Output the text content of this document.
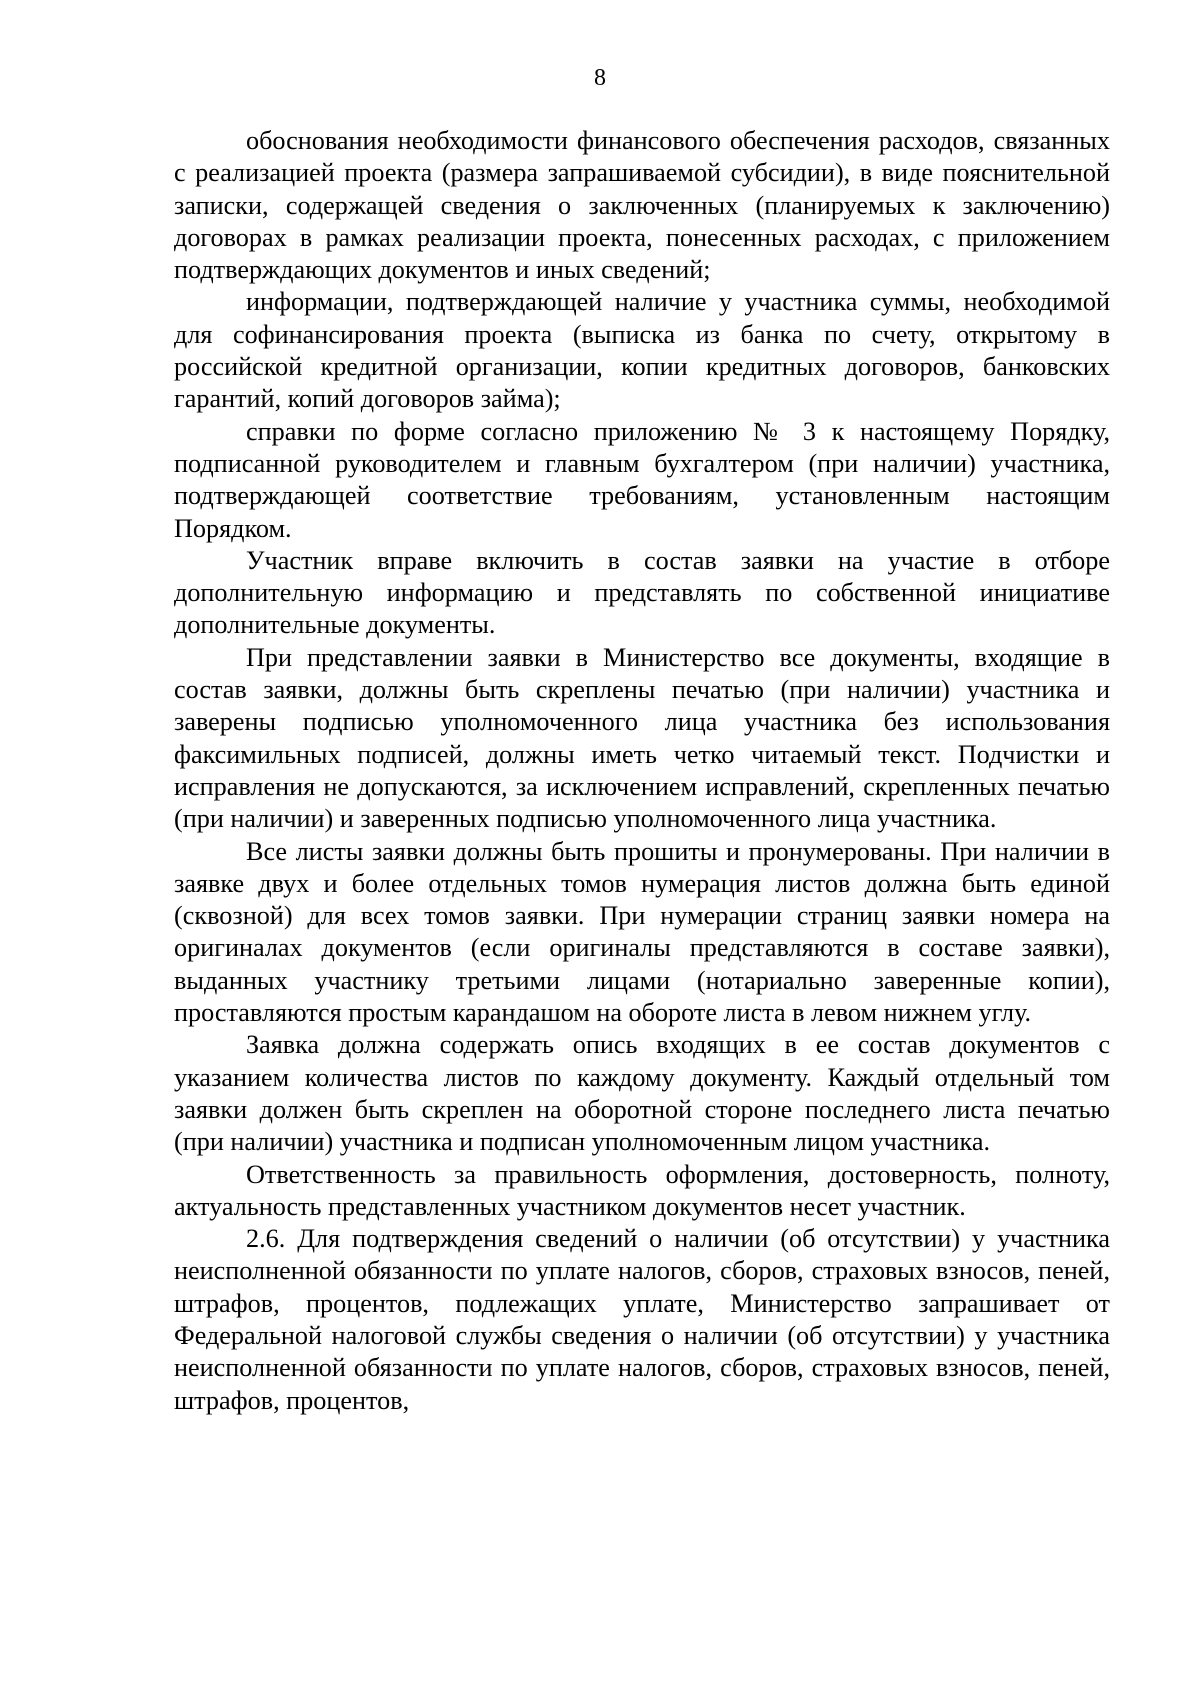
8

обоснования необходимости финансового обеспечения расходов, связанных с реализацией проекта (размера запрашиваемой субсидии), в виде пояснительной записки, содержащей сведения о заключенных (планируемых к заключению) договорах в рамках реализации проекта, понесенных расходах, с приложением подтверждающих документов и иных сведений;

информации, подтверждающей наличие у участника суммы, необходимой для софинансирования проекта (выписка из банка по счету, открытому в российской кредитной организации, копии кредитных договоров, банковских гарантий, копий договоров займа);

справки по форме согласно приложению № 3 к настоящему Порядку, подписанной руководителем и главным бухгалтером (при наличии) участника, подтверждающей соответствие требованиям, установленным настоящим Порядком.

Участник вправе включить в состав заявки на участие в отборе дополнительную информацию и представлять по собственной инициативе дополнительные документы.

При представлении заявки в Министерство все документы, входящие в состав заявки, должны быть скреплены печатью (при наличии) участника и заверены подписью уполномоченного лица участника без использования факсимильных подписей, должны иметь четко читаемый текст. Подчистки и исправления не допускаются, за исключением исправлений, скрепленных печатью (при наличии) и заверенных подписью уполномоченного лица участника.

Все листы заявки должны быть прошиты и пронумерованы. При наличии в заявке двух и более отдельных томов нумерация листов должна быть единой (сквозной) для всех томов заявки. При нумерации страниц заявки номера на оригиналах документов (если оригиналы представляются в составе заявки), выданных участнику третьими лицами (нотариально заверенные копии), проставляются простым карандашом на обороте листа в левом нижнем углу.

Заявка должна содержать опись входящих в ее состав документов с указанием количества листов по каждому документу. Каждый отдельный том заявки должен быть скреплен на оборотной стороне последнего листа печатью (при наличии) участника и подписан уполномоченным лицом участника.

Ответственность за правильность оформления, достоверность, полноту, актуальность представленных участником документов несет участник.

2.6. Для подтверждения сведений о наличии (об отсутствии) у участника неисполненной обязанности по уплате налогов, сборов, страховых взносов, пеней, штрафов, процентов, подлежащих уплате, Министерство запрашивает от Федеральной налоговой службы сведения о наличии (об отсутствии) у участника неисполненной обязанности по уплате налогов, сборов, страховых взносов, пеней, штрафов, процентов,
